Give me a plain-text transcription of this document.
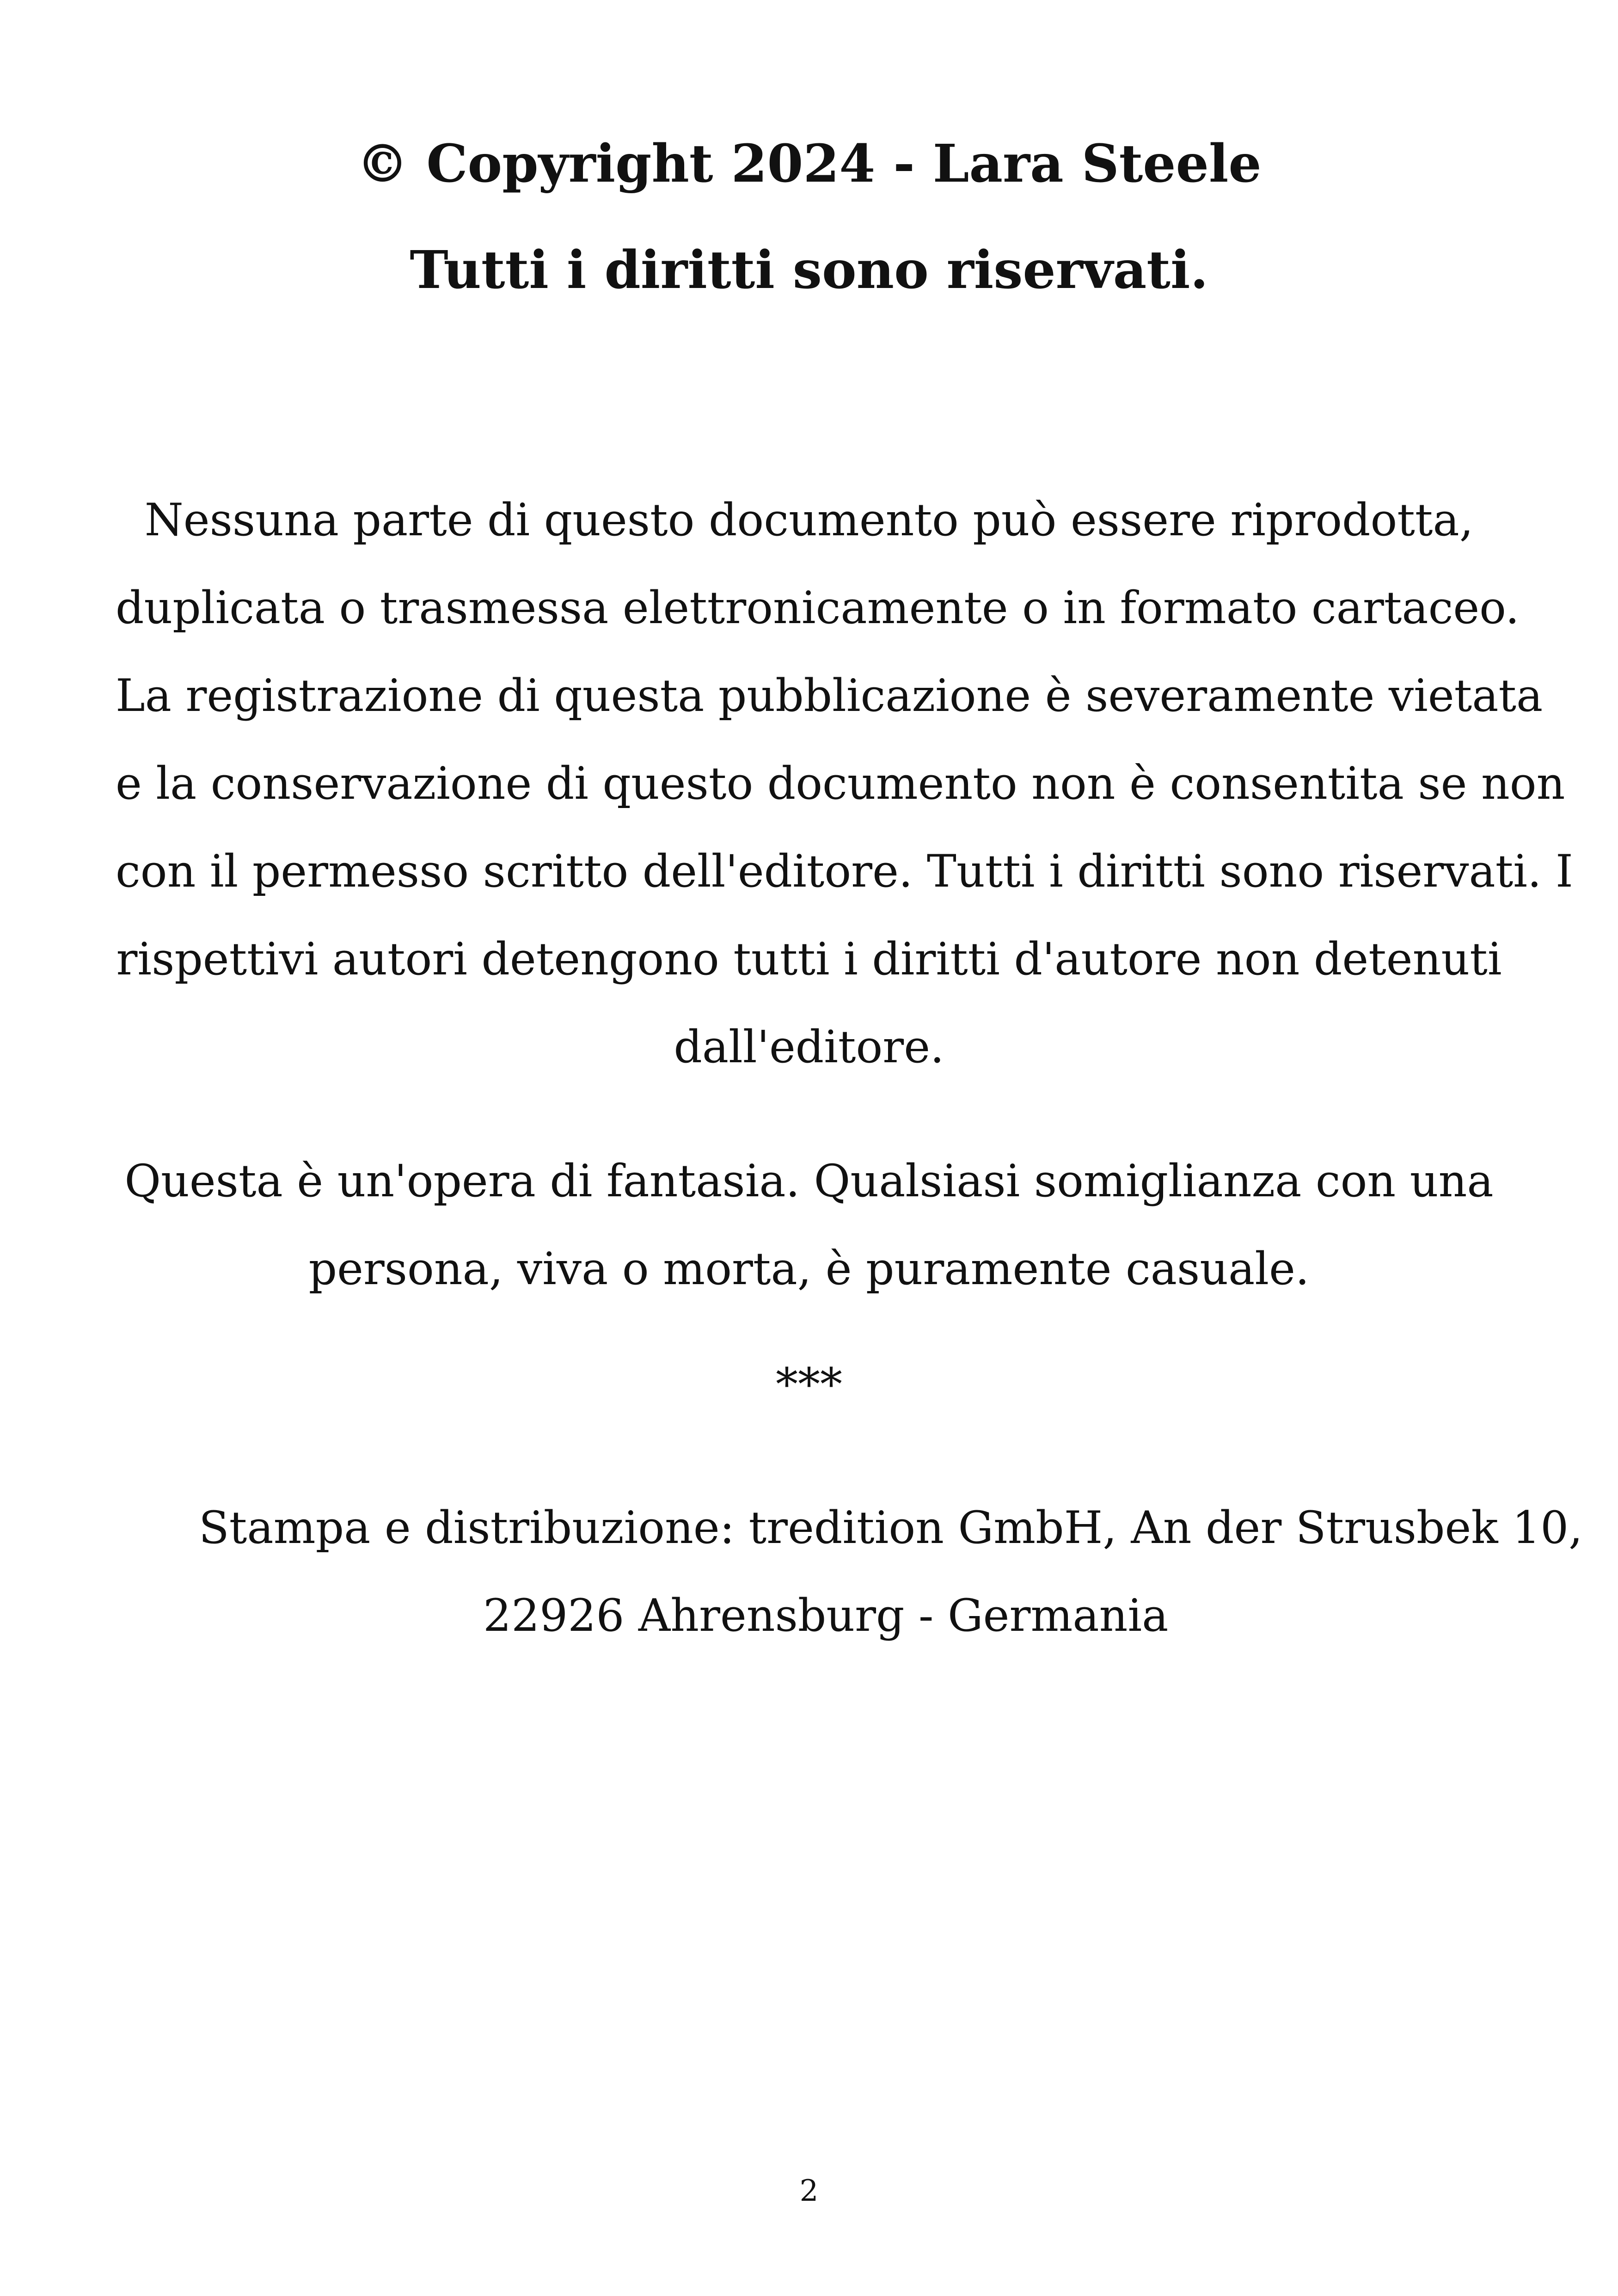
© Copyright 2024 - Lara Steele

Tutti i diritti sono riservati.

Nessuna parte di questo documento può essere riprodotta,
duplicata o trasmessa elettronicamente o in formato cartaceo.
La registrazione di questa pubblicazione è severamente vietata
e la conservazione di questo documento non è consentita se non
con il permesso scritto dell'editore. Tutti i diritti sono riservati. I
rispettivi autori detengono tutti i diritti d'autore non detenuti
dall'editore.

Questa è un'opera di fantasia. Qualsiasi somiglianza con una
persona, viva o morta, è puramente casuale.

***

Stampa e distribuzione: tredition GmbH, An der Strusbek 10,
22926 Ahrensburg - Germania
2
